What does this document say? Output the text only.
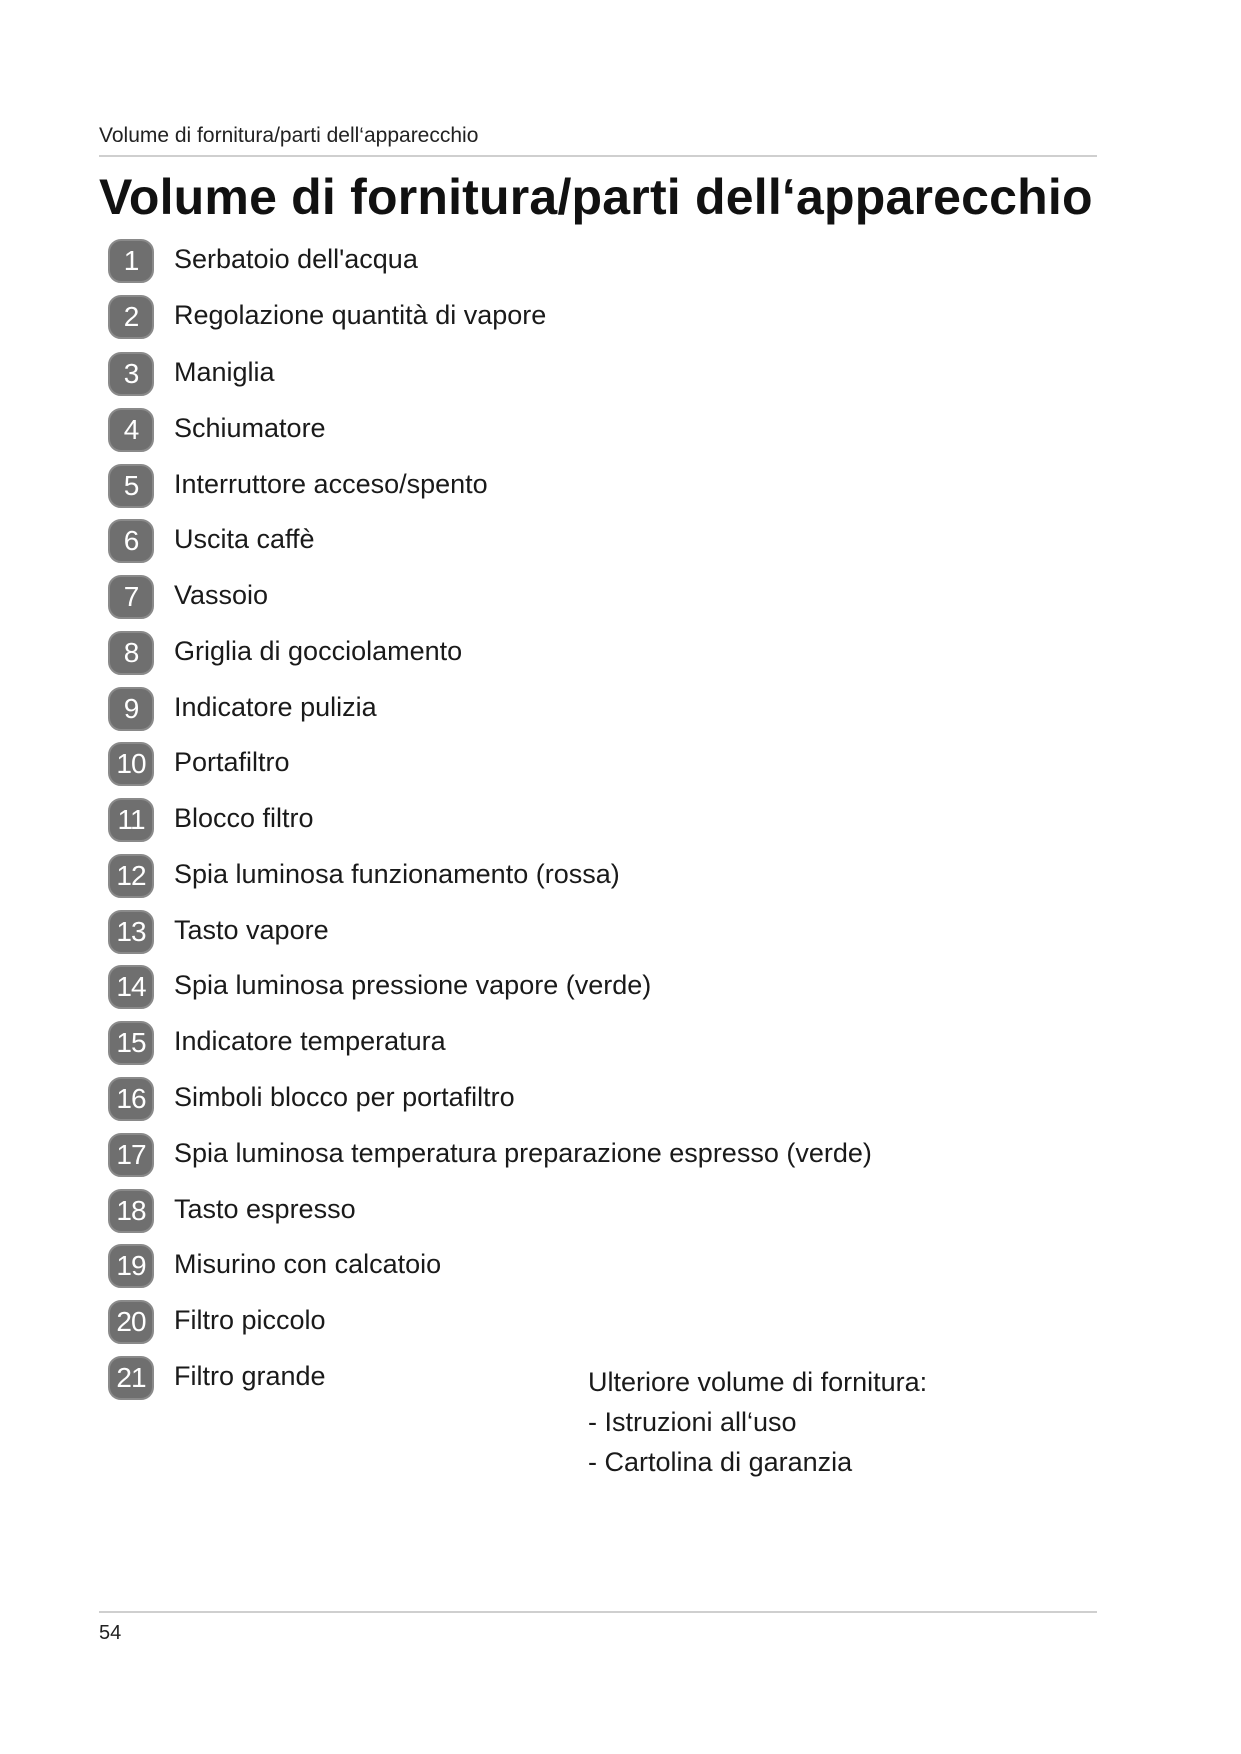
Volume di fornitura/parti dell‘apparecchio
Volume di fornitura/parti dell‘apparecchio
1	Serbatoio dell'acqua
2	Regolazione quantità di vapore
3	Maniglia
4	Schiumatore
5	Interruttore acceso/spento
6	Uscita caffè
7	Vassoio
8	Griglia di gocciolamento
9	Indicatore pulizia
10	Portafiltro
11	Blocco filtro
12	Spia luminosa funzionamento (rossa)
13	Tasto vapore
14	Spia luminosa pressione vapore (verde)
15	Indicatore temperatura
16	Simboli blocco per portafiltro
17	Spia luminosa temperatura preparazione espresso (verde)
18	Tasto espresso
19	Misurino con calcatoio
20	Filtro piccolo
21	Filtro grande	Ulteriore volume di fornitura:
- Istruzioni all‘uso
- Cartolina di garanzia
54
